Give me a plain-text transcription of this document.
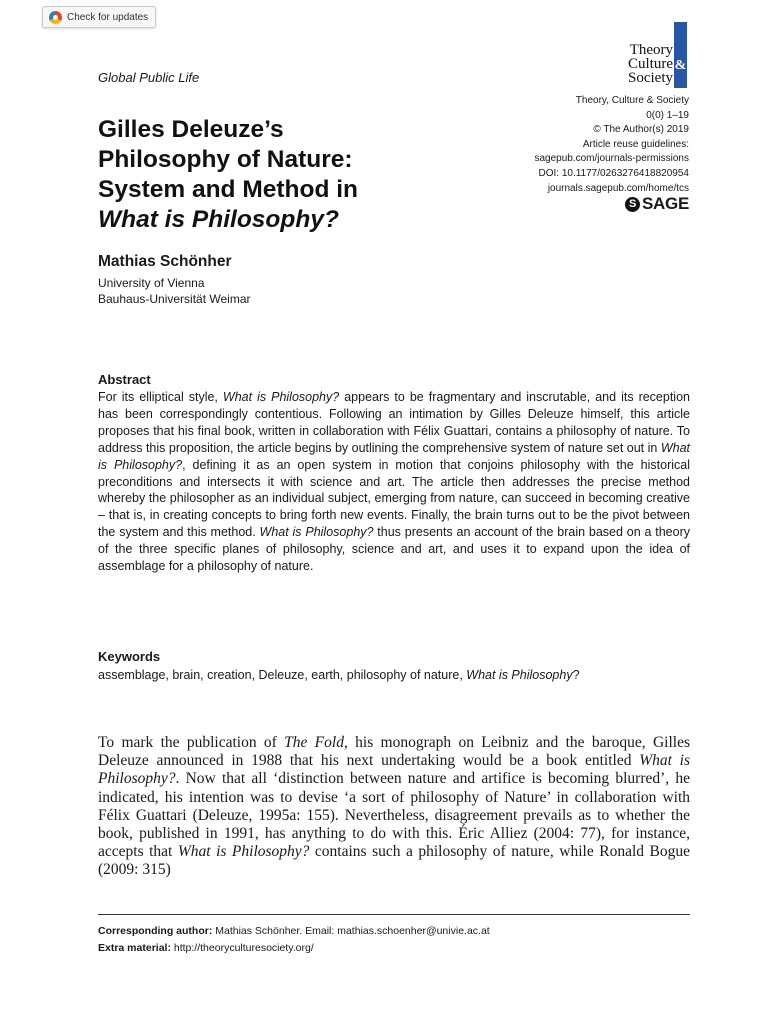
Check for updates
Theory
Culture &
Society
Global Public Life
Theory, Culture & Society
0(0) 1–19
© The Author(s) 2019
Article reuse guidelines:
sagepub.com/journals-permissions
DOI: 10.1177/0263276418820954
journals.sagepub.com/home/tcs
S SAGE
Gilles Deleuze’s
Philosophy of Nature:
System and Method in
What is Philosophy?
Mathias Schönher
University of Vienna
Bauhaus-Universität Weimar
Abstract

For its elliptical style, What is Philosophy? appears to be fragmentary and inscrutable, and its reception has been correspondingly contentious. Following an intimation by Gilles Deleuze himself, this article proposes that his final book, written in collaboration with Félix Guattari, contains a philosophy of nature. To address this proposition, the article begins by outlining the comprehensive system of nature set out in What is Philosophy?, defining it as an open system in motion that conjoins philosophy with the historical preconditions and intersects it with science and art. The article then addresses the precise method whereby the philosopher as an individual subject, emerging from nature, can succeed in becoming creative – that is, in creating concepts to bring forth new events. Finally, the brain turns out to be the pivot between the system and this method. What is Philosophy? thus presents an account of the brain based on a theory of the three specific planes of philosophy, science and art, and uses it to expand upon the idea of assemblage for a philosophy of nature.

Keywords
assemblage, brain, creation, Deleuze, earth, philosophy of nature, What is Philosophy?

To mark the publication of The Fold, his monograph on Leibniz and the baroque, Gilles Deleuze announced in 1988 that his next undertaking would be a book entitled What is Philosophy?. Now that all ‘distinction between nature and artifice is becoming blurred’, he indicated, his intention was to devise ‘a sort of philosophy of Nature’ in collaboration with Félix Guattari (Deleuze, 1995a: 155). Nevertheless, disagreement prevails as to whether the book, published in 1991, has anything to do with this. Éric Alliez (2004: 77), for instance, accepts that What is Philosophy? contains such a philosophy of nature, while Ronald Bogue (2009: 315)

Corresponding author: Mathias Schönher. Email: mathias.schoenher@univie.ac.at
Extra material: http://theoryculturesociety.org/
